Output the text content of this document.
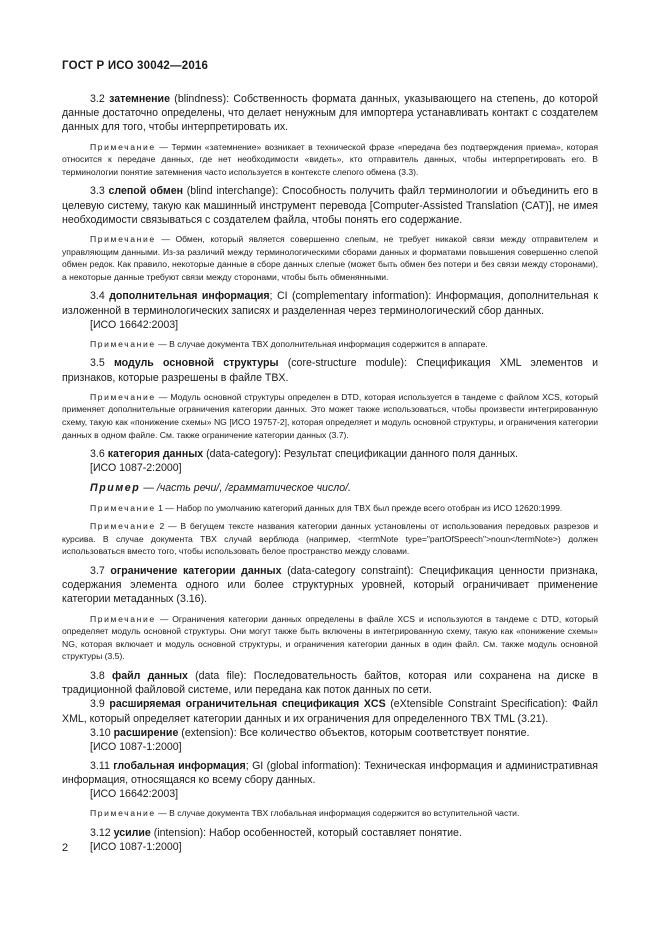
ГОСТ Р ИСО 30042—2016

3.2 затемнение (blindness): Собственность формата данных, указывающего на степень, до которой данные достаточно определены, что делает ненужным для импортера устанавливать контакт с создателем данных для того, чтобы интерпретировать их.

Примечание — Термин «затемнение» возникает в технической фразе «передача без подтверждения приема», которая относится к передаче данных, где нет необходимости «видеть», кто отправитель данных, чтобы интерпретировать его. В терминологии понятие затемнения часто используется в контексте слепого обмена (3.3).

3.3 слепой обмен (blind interchange): Способность получить файл терминологии и объединить его в целевую систему, такую как машинный инструмент перевода [Computer-Assisted Translation (CAT)], не имея необходимости связываться с создателем файла, чтобы понять его содержание.

Примечание — Обмен, который является совершенно слепым, не требует никакой связи между отправителем и управляющим данными. Из-за различий между терминологическими сборами данных и форматами повышения совершенно слепой обмен редок. Как правило, некоторые данные в сборе данных слепые (может быть обмен без потери и без связи между сторонами), а некоторые данные требуют связи между сторонами, чтобы быть обменянными.

3.4 дополнительная информация; CI (complementary information): Информация, дополнительная к изложенной в терминологических записях и разделенная через терминологический сбор данных.

[ИСО 16642:2003]

Примечание — В случае документа TBX дополнительная информация содержится в аппарате.

3.5 модуль основной структуры (core-structure module): Спецификация XML элементов и признаков, которые разрешены в файле TBX.

Примечание — Модуль основной структуры определен в DTD, которая используется в тандеме с файлом XCS, который применяет дополнительные ограничения категории данных. Это может также использоваться, чтобы произвести интегрированную схему, такую как «понижение схемы» NG [ИСО 19757-2], которая определяет и модуль основной структуры, и ограничения категории данных в одном файле. См. также ограничение категории данных (3.7).

3.6 категория данных (data-category): Результат спецификации данного поля данных.

[ИСО 1087-2:2000]

Пример — /часть речи/, /грамматическое число/.

Примечание 1 — Набор по умолчанию категорий данных для TBX был прежде всего отобран из ИСО 12620:1999.

Примечание 2 — В бегущем тексте названия категории данных установлены от использования передовых разрезов и курсива. В случае документа TBX случай верблюда (например, <termNote type="partOfSpeech">noun</termNote>) должен использоваться вместо того, чтобы использовать белое пространство между словами.

3.7 ограничение категории данных (data-category constraint): Спецификация ценности признака, содержания элемента одного или более структурных уровней, который ограничивает применение категории метаданных (3.16).

Примечание — Ограничения категории данных определены в файле XCS и используются в тандеме с DTD, который определяет модуль основной структуры. Они могут также быть включены в интегрированную схему, такую как «понижение схемы» NG, которая включает и модуль основной структуры, и ограничения категории данных в один файл. См. также модуль основной структуры (3.5).

3.8 файл данных (data file): Последовательность байтов, которая или сохранена на диске в традиционной файловой системе, или передана как поток данных по сети.

3.9 расширяемая ограничительная спецификация XCS (eXtensible Constraint Specification): Файл XML, который определяет категории данных и их ограничения для определенного TBX TML (3.21).

3.10 расширение (extension): Все количество объектов, которым соответствует понятие.

[ИСО 1087-1:2000]

3.11 глобальная информация; GI (global information): Техническая информация и административная информация, относящаяся ко всему сбору данных.

[ИСО 16642:2003]

Примечание — В случае документа TBX глобальная информация содержится во вступительной части.

3.12 усилие (intension): Набор особенностей, который составляет понятие.

[ИСО 1087-1:2000]
2
